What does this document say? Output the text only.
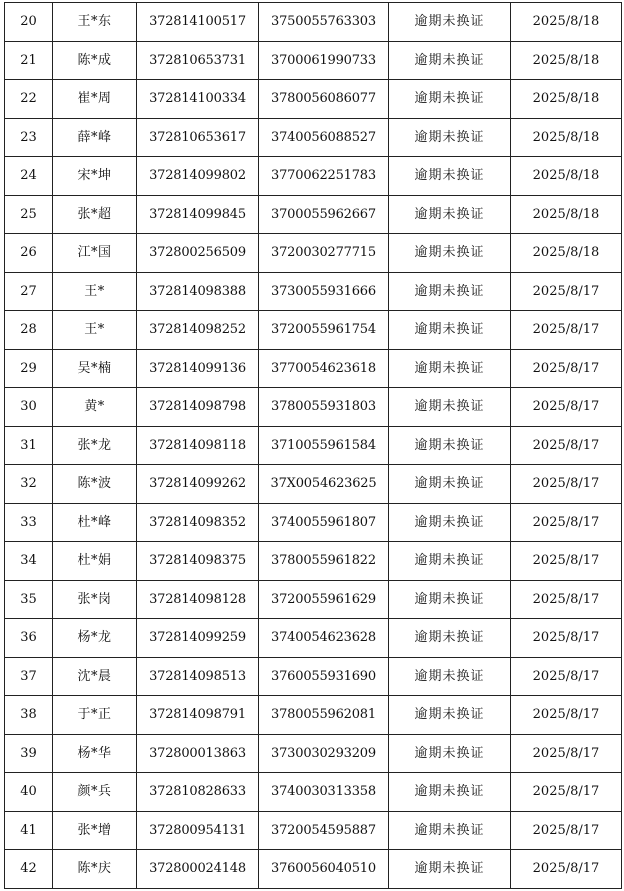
20	王*东	372814100517	3750055763303	逾期未换证	2025/8/18
21	陈*成	372810653731	3700061990733	逾期未换证	2025/8/18
22	崔*周	372814100334	3780056086077	逾期未换证	2025/8/18
23	薛*峰	372810653617	3740056088527	逾期未换证	2025/8/18
24	宋*坤	372814099802	3770062251783	逾期未换证	2025/8/18
25	张*超	372814099845	3700055962667	逾期未换证	2025/8/18
26	江*国	372800256509	3720030277715	逾期未换证	2025/8/18
27	王*	372814098388	3730055931666	逾期未换证	2025/8/17
28	王*	372814098252	3720055961754	逾期未换证	2025/8/17
29	吴*楠	372814099136	3770054623618	逾期未换证	2025/8/17
30	黄*	372814098798	3780055931803	逾期未换证	2025/8/17
31	张*龙	372814098118	3710055961584	逾期未换证	2025/8/17
32	陈*波	372814099262	37X0054623625	逾期未换证	2025/8/17
33	杜*峰	372814098352	3740055961807	逾期未换证	2025/8/17
34	杜*娟	372814098375	3780055961822	逾期未换证	2025/8/17
35	张*岗	372814098128	3720055961629	逾期未换证	2025/8/17
36	杨*龙	372814099259	3740054623628	逾期未换证	2025/8/17
37	沈*晨	372814098513	3760055931690	逾期未换证	2025/8/17
38	于*正	372814098791	3780055962081	逾期未换证	2025/8/17
39	杨*华	372800013863	3730030293209	逾期未换证	2025/8/17
40	颜*兵	372810828633	3740030313358	逾期未换证	2025/8/17
41	张*增	372800954131	3720054595887	逾期未换证	2025/8/17
42	陈*庆	372800024148	3760056040510	逾期未换证	2025/8/17
